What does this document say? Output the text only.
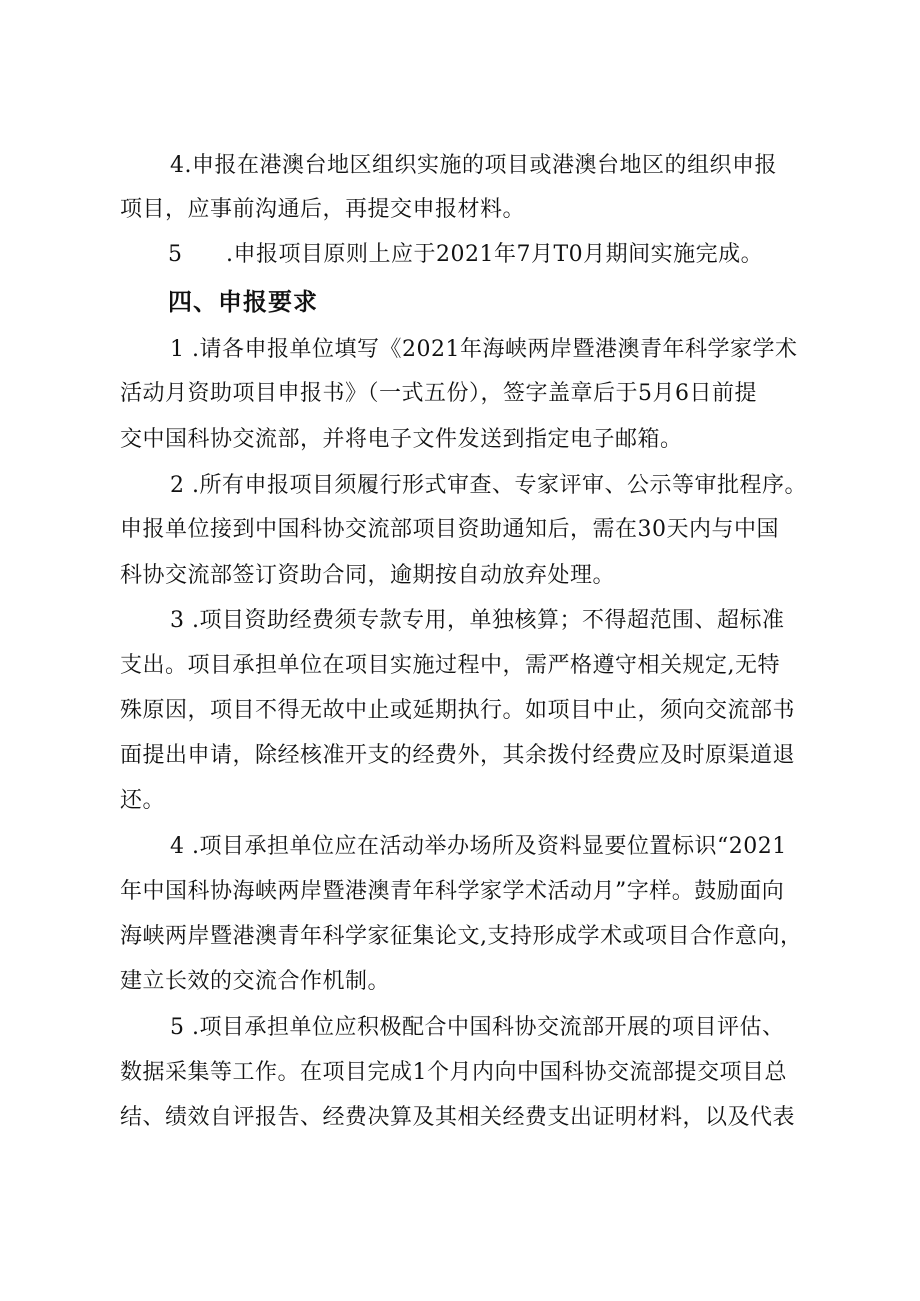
4.申报在港澳台地区组织实施的项目或港澳台地区的组织申报
项目，应事前沟通后，再提交申报材料。
5 .申报项目原则上应于2021年7月T0月期间实施完成。
四、申报要求
1 .请各申报单位填写《2021年海峡两岸暨港澳青年科学家学术
活动月资助项目申报书》（一式五份），签字盖章后于5月6日前提
交中国科协交流部，并将电子文件发送到指定电子邮箱。
2 .所有申报项目须履行形式审查、专家评审、公示等审批程序。
申报单位接到中国科协交流部项目资助通知后，需在30天内与中国
科协交流部签订资助合同，逾期按自动放弃处理。
3 .项目资助经费须专款专用，单独核算；不得超范围、超标准
支出。项目承担单位在项目实施过程中，需严格遵守相关规定,无特
殊原因，项目不得无故中止或延期执行。如项目中止，须向交流部书
面提出申请，除经核准开支的经费外，其余拨付经费应及时原渠道退
还。
4 .项目承担单位应在活动举办场所及资料显要位置标识“2021
年中国科协海峡两岸暨港澳青年科学家学术活动月”字样。鼓励面向
海峡两岸暨港澳青年科学家征集论文,支持形成学术或项目合作意向，
建立长效的交流合作机制。
5 .项目承担单位应积极配合中国科协交流部开展的项目评估、
数据采集等工作。在项目完成1个月内向中国科协交流部提交项目总
结、绩效自评报告、经费决算及其相关经费支出证明材料，以及代表
